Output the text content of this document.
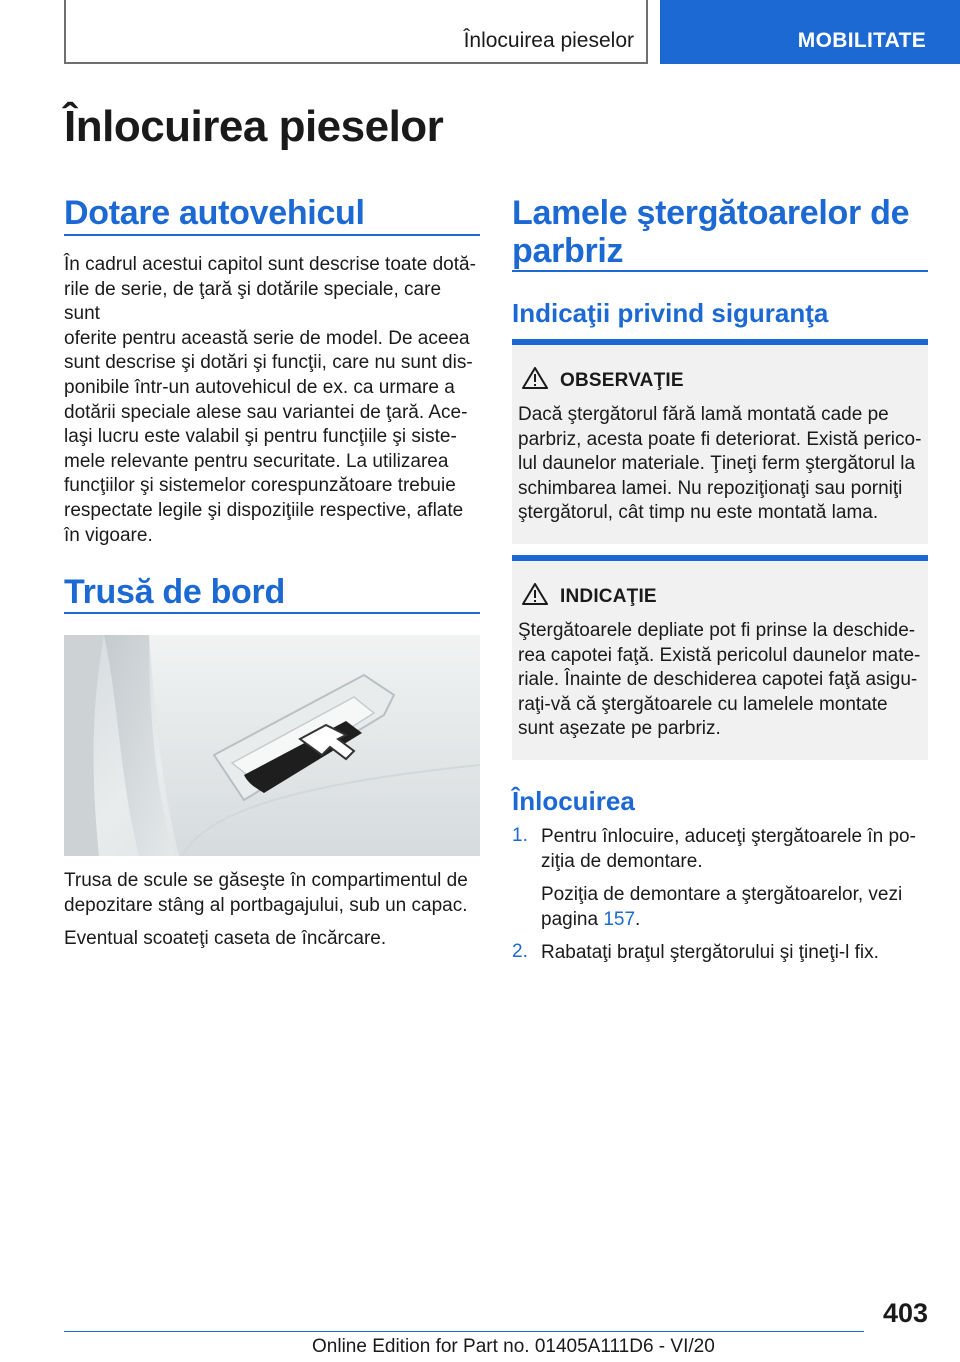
Înlocuirea pieselor	MOBILITATE
Înlocuirea pieselor
Dotare autovehicul

În cadrul acestui capitol sunt descrise toate dotă‐

rile de serie, de ţară şi dotările speciale, care sunt

oferite pentru această serie de model. De aceea

sunt descrise şi dotări şi funcţii, care nu sunt dis‐

ponibile într-un autovehicul de ex. ca urmare a

dotării speciale alese sau variantei de ţară. Ace‐

laşi lucru este valabil şi pentru funcţiile şi siste‐

mele relevante pentru securitate. La utilizarea

funcţiilor şi sistemelor corespunzătoare trebuie

respectate legile şi dispoziţiile respective, aflate

în vigoare.

Trusă de bord

Trusa de scule se găseşte în compartimentul de

depozitare stâng al portbagajului, sub un capac.

Eventual scoateţi caseta de încărcare.

Lamele ştergătoarelor de

parbriz

Indicaţii privind siguranţa
OBSERVAŢIE

Dacă ştergătorul fără lamă montată cade pe

parbriz, acesta poate fi deteriorat. Există perico‐

lul daunelor materiale. Ţineţi ferm ştergătorul la

schimbarea lamei. Nu repoziţionaţi sau porniţi

ştergătorul, cât timp nu este montată lama.

INDICAŢIE

Ştergătoarele depliate pot fi prinse la deschide‐

rea capotei faţă. Există pericolul daunelor mate‐

riale. Înainte de deschiderea capotei faţă asigu‐

raţi-vă că ştergătoarele cu lamelele montate

sunt aşezate pe parbriz.

Înlocuirea
1. Pentru înlocuire, aduceţi ştergătoarele în po‐

ziţia de demontare.

Poziţia de demontare a ştergătoarelor, vezi

pagina 157.

2. Rabataţi braţul ştergătorului şi ţineţi-l fix.

403
Online Edition for Part no. 01405A111D6 - VI/20
